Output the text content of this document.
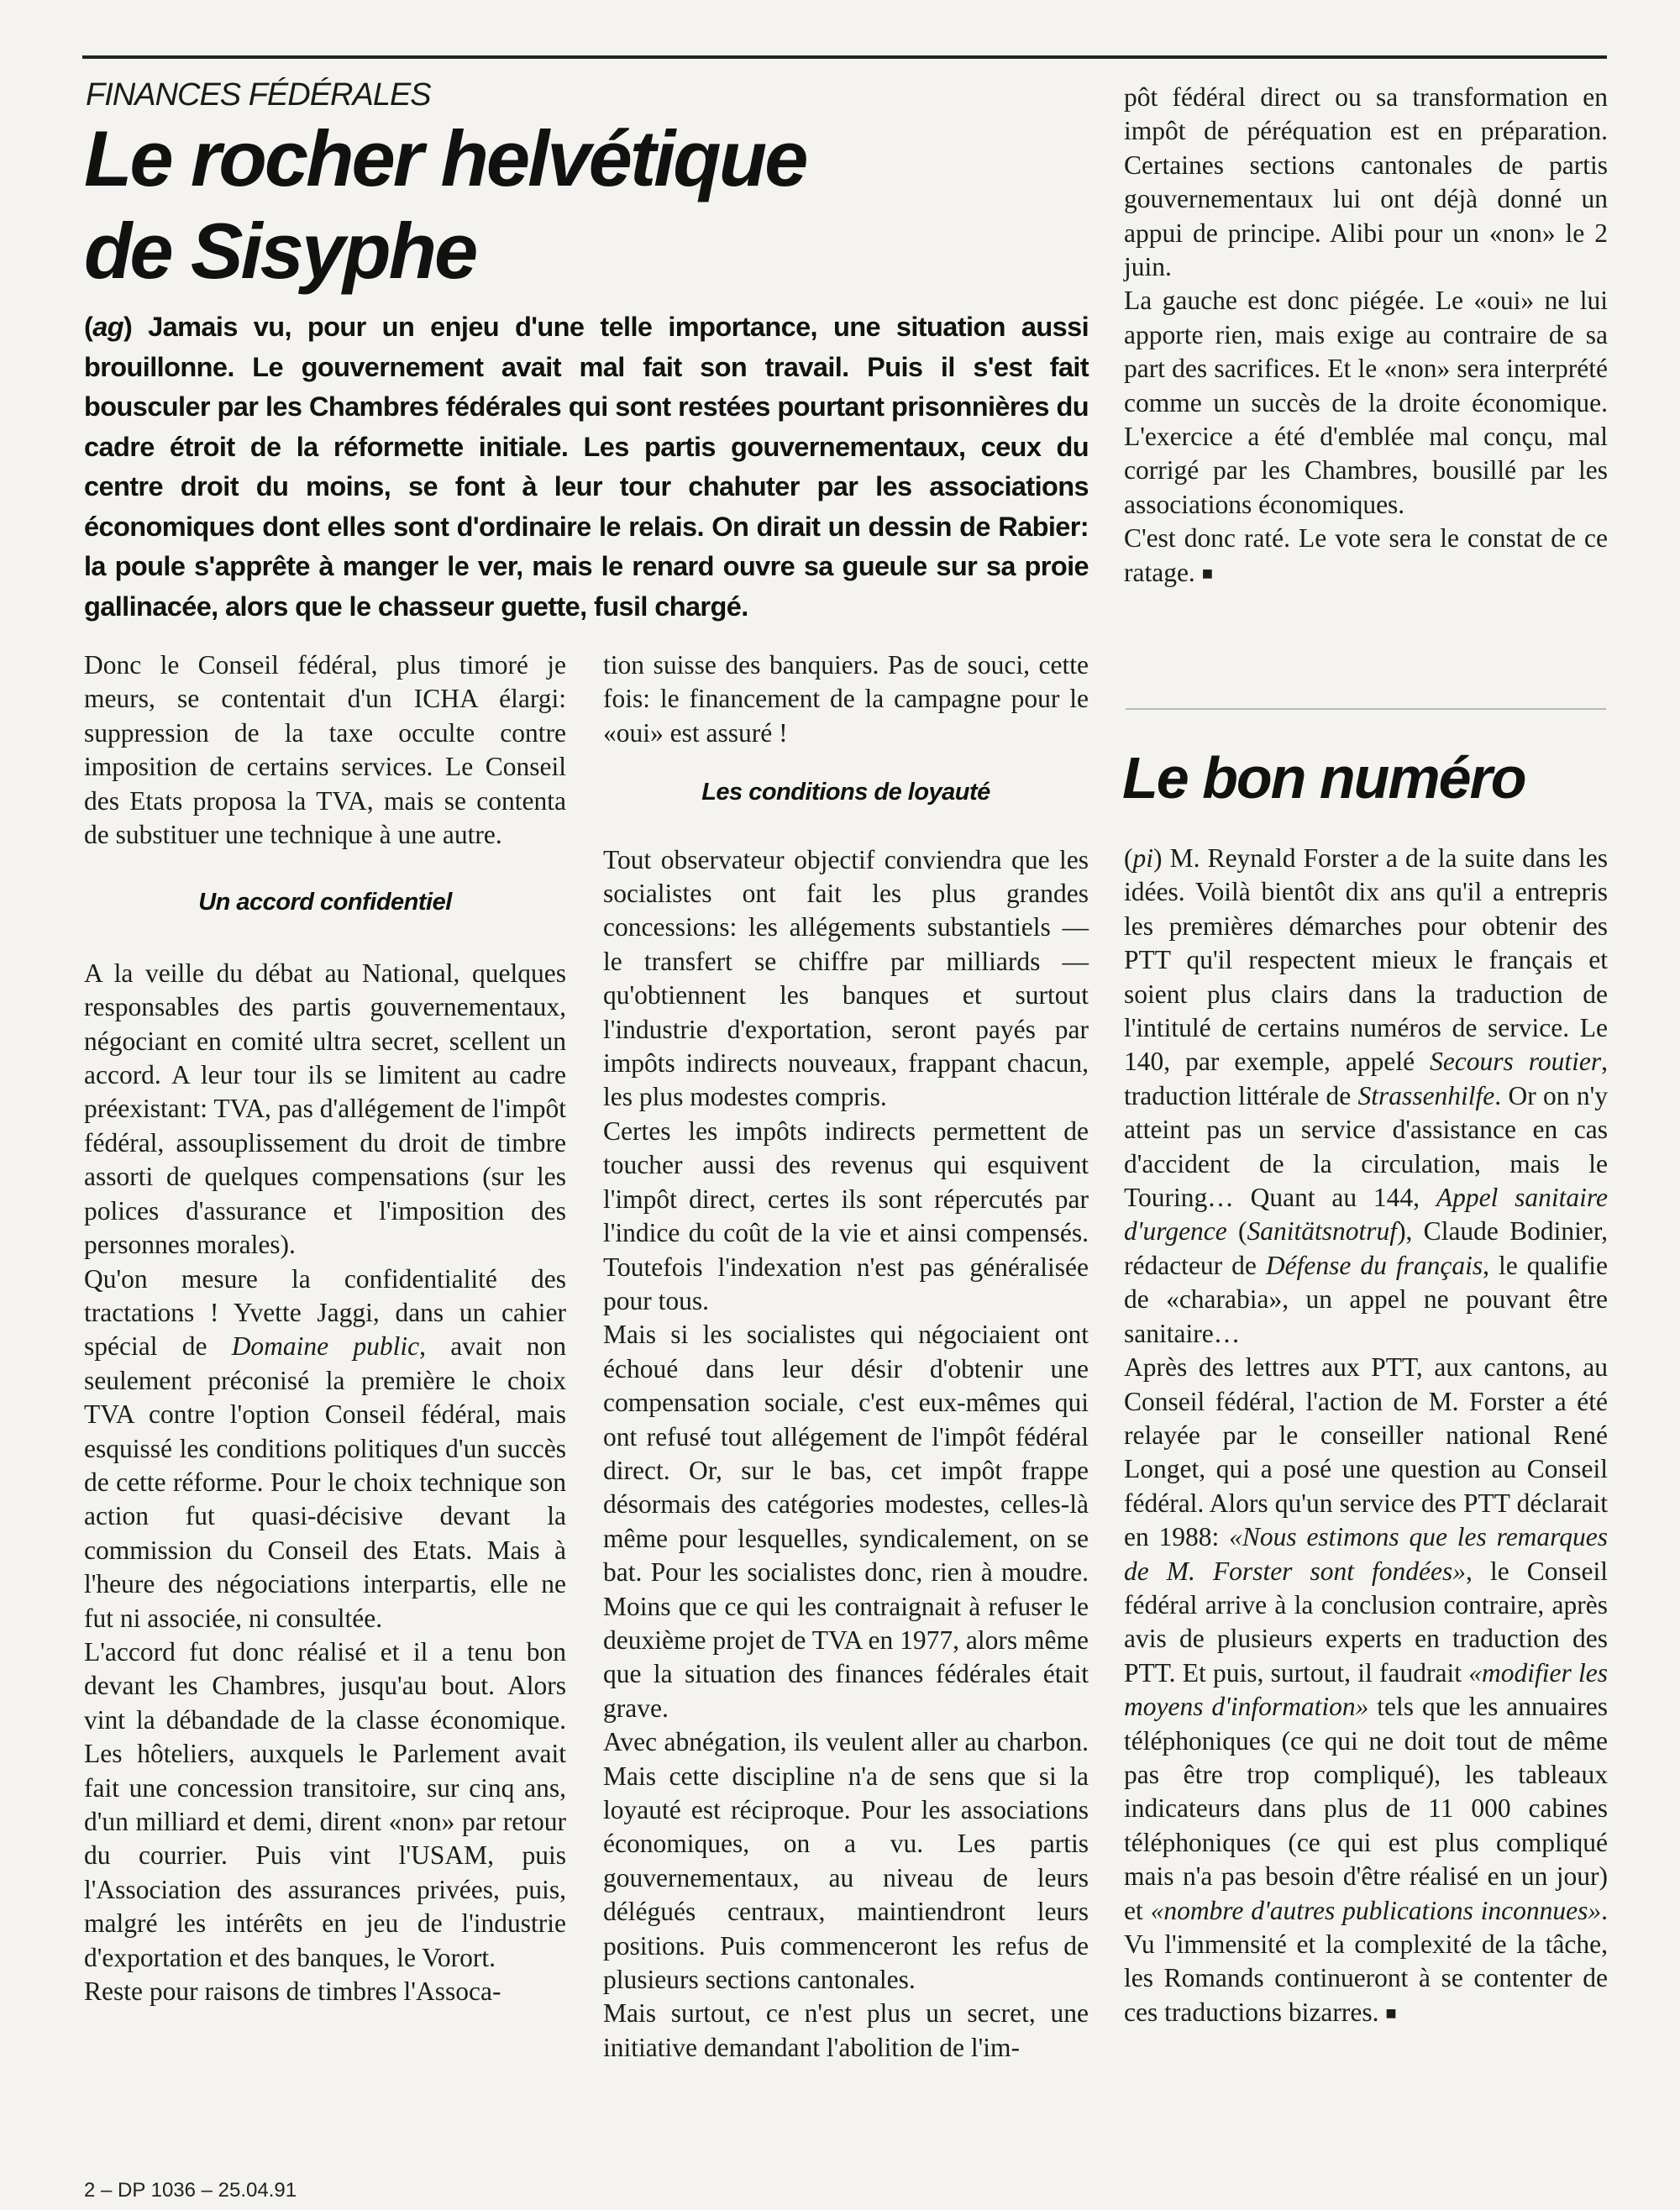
FINANCES FÉDÉRALES
Le rocher helvétique
de Sisyphe

(ag) Jamais vu, pour un enjeu d'une telle importance, une situation aussi brouillonne. Le gouvernement avait mal fait son travail. Puis il s'est fait bousculer par les Chambres fédérales qui sont restées pourtant prisonnières du cadre étroit de la réformette initiale. Les partis gouvernementaux, ceux du centre droit du moins, se font à leur tour chahuter par les associations économiques dont elles sont d'ordinaire le relais. On dirait un dessin de Rabier: la poule s'apprête à manger le ver, mais le renard ouvre sa gueule sur sa proie gallinacée, alors que le chasseur guette, fusil chargé.

Donc le Conseil fédéral, plus timoré je meurs, se contentait d'un ICHA élargi: suppression de la taxe occulte contre imposition de certains services. Le Conseil des Etats proposa la TVA, mais se contenta de substituer une technique à une autre.

Un accord confidentiel

A la veille du débat au National, quelques responsables des partis gouvernementaux, négociant en comité ultra secret, scellent un accord. A leur tour ils se limitent au cadre préexistant: TVA, pas d'allégement de l'impôt fédéral, assouplissement du droit de timbre assorti de quelques compensations (sur les polices d'assurance et l'imposition des personnes morales).

Qu'on mesure la confidentialité des tractations ! Yvette Jaggi, dans un cahier spécial de Domaine public, avait non seulement préconisé la première le choix TVA contre l'option Conseil fédéral, mais esquissé les conditions politiques d'un succès de cette réforme. Pour le choix technique son action fut quasi-décisive devant la commission du Conseil des Etats. Mais à l'heure des négociations interpartis, elle ne fut ni associée, ni consultée.

L'accord fut donc réalisé et il a tenu bon devant les Chambres, jusqu'au bout. Alors vint la débandade de la classe économique. Les hôteliers, auxquels le Parlement avait fait une concession transitoire, sur cinq ans, d'un milliard et demi, dirent «non» par retour du courrier. Puis vint l'USAM, puis l'Association des assurances privées, puis, malgré les intérêts en jeu de l'industrie d'exportation et des banques, le Vorort.

Reste pour raisons de timbres l'Assoca-

tion suisse des banquiers. Pas de souci, cette fois: le financement de la campagne pour le «oui» est assuré !

Les conditions de loyauté

Tout observateur objectif conviendra que les socialistes ont fait les plus grandes concessions: les allégements substantiels — le transfert se chiffre par milliards — qu'obtiennent les banques et surtout l'industrie d'exportation, seront payés par impôts indirects nouveaux, frappant chacun, les plus modestes compris.

Certes les impôts indirects permettent de toucher aussi des revenus qui esquivent l'impôt direct, certes ils sont répercutés par l'indice du coût de la vie et ainsi compensés. Toutefois l'indexation n'est pas généralisée pour tous.

Mais si les socialistes qui négociaient ont échoué dans leur désir d'obtenir une compensation sociale, c'est eux-mêmes qui ont refusé tout allégement de l'impôt fédéral direct. Or, sur le bas, cet impôt frappe désormais des catégories modestes, celles-là même pour lesquelles, syndicalement, on se bat. Pour les socialistes donc, rien à moudre. Moins que ce qui les contraignait à refuser le deuxième projet de TVA en 1977, alors même que la situation des finances fédérales était grave.

Avec abnégation, ils veulent aller au charbon. Mais cette discipline n'a de sens que si la loyauté est réciproque. Pour les associations économiques, on a vu. Les partis gouvernementaux, au niveau de leurs délégués centraux, maintiendront leurs positions. Puis commenceront les refus de plusieurs sections cantonales.

Mais surtout, ce n'est plus un secret, une initiative demandant l'abolition de l'im-

pôt fédéral direct ou sa transformation en impôt de péréquation est en préparation. Certaines sections cantonales de partis gouvernementaux lui ont déjà donné un appui de principe. Alibi pour un «non» le 2 juin.

La gauche est donc piégée. Le «oui» ne lui apporte rien, mais exige au contraire de sa part des sacrifices. Et le «non» sera interprété comme un succès de la droite économique. L'exercice a été d'emblée mal conçu, mal corrigé par les Chambres, bousillé par les associations économiques.

C'est donc raté. Le vote sera le constat de ce ratage. ■

Le bon numéro

(pi) M. Reynald Forster a de la suite dans les idées. Voilà bientôt dix ans qu'il a entrepris les premières démarches pour obtenir des PTT qu'il respectent mieux le français et soient plus clairs dans la traduction de l'intitulé de certains numéros de service. Le 140, par exemple, appelé Secours routier, traduction littérale de Strassenhilfe. Or on n'y atteint pas un service d'assistance en cas d'accident de la circulation, mais le Touring… Quant au 144, Appel sanitaire d'urgence (Sanitätsnotruf), Claude Bodinier, rédacteur de Défense du français, le qualifie de «charabia», un appel ne pouvant être sanitaire…

Après des lettres aux PTT, aux cantons, au Conseil fédéral, l'action de M. Forster a été relayée par le conseiller national René Longet, qui a posé une question au Conseil fédéral. Alors qu'un service des PTT déclarait en 1988: «Nous estimons que les remarques de M. Forster sont fondées», le Conseil fédéral arrive à la conclusion contraire, après avis de plusieurs experts en traduction des PTT. Et puis, surtout, il faudrait «modifier les moyens d'information» tels que les annuaires téléphoniques (ce qui ne doit tout de même pas être trop compliqué), les tableaux indicateurs dans plus de 11 000 cabines téléphoniques (ce qui est plus compliqué mais n'a pas besoin d'être réalisé en un jour) et «nombre d'autres publications inconnues». Vu l'immensité et la complexité de la tâche, les Romands continueront à se contenter de ces traductions bizarres. ■

2 – DP 1036 – 25.04.91
